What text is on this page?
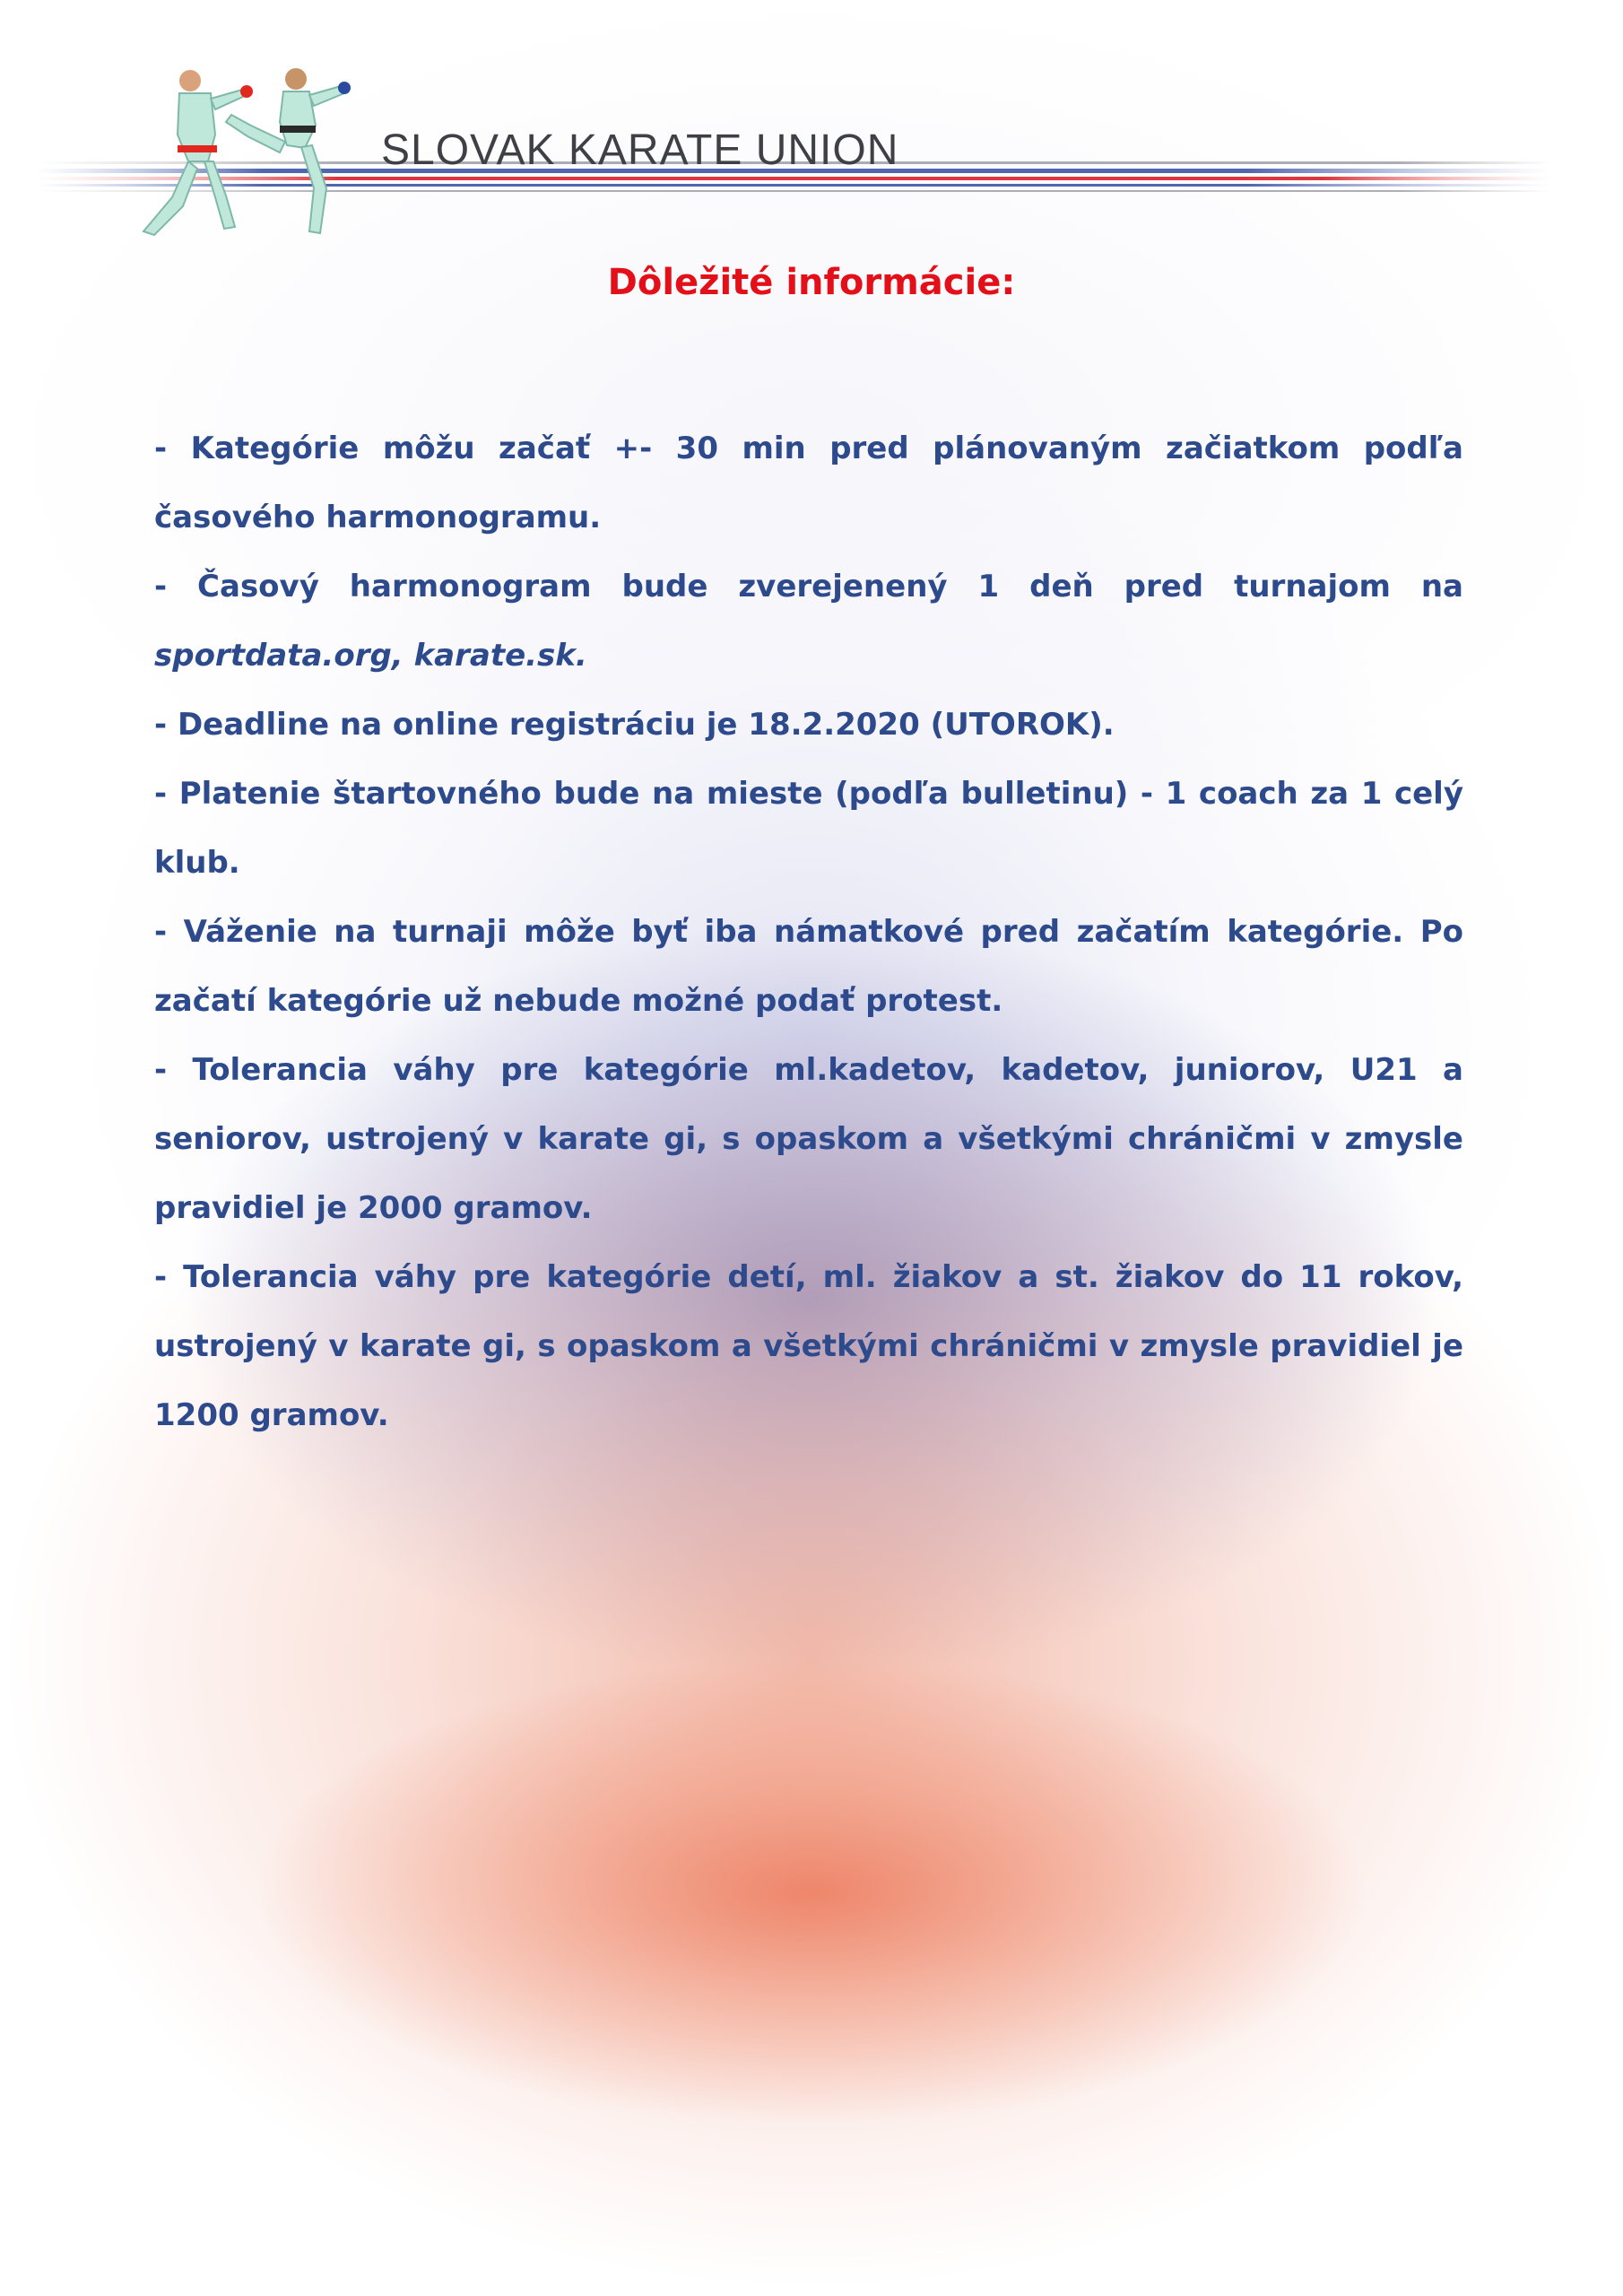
SLOVAK KARATE UNION
Dôležité informácie:

- Kategórie môžu začať +- 30 min pred plánovaným začiatkom podľa časového harmonogramu.

- Časový harmonogram bude zverejenený 1 deň pred turnajom na sportdata.org, karate.sk.

- Deadline na online registráciu je 18.2.2020 (UTOROK).

- Platenie štartovného bude na mieste (podľa bulletinu) - 1 coach za 1 celý klub.

- Váženie na turnaji môže byť iba námatkové pred začatím kategórie. Po začatí kategórie už nebude možné podať protest.

- Tolerancia váhy pre kategórie ml.kadetov, kadetov, juniorov, U21 a seniorov, ustrojený v karate gi, s opaskom a všetkými chráničmi v zmysle pravidiel je 2000 gramov.

- Tolerancia váhy pre kategórie detí, ml. žiakov a st. žiakov do 11 rokov, ustrojený v karate gi, s opaskom a všetkými chráničmi v zmysle pravidiel je 1200 gramov.
